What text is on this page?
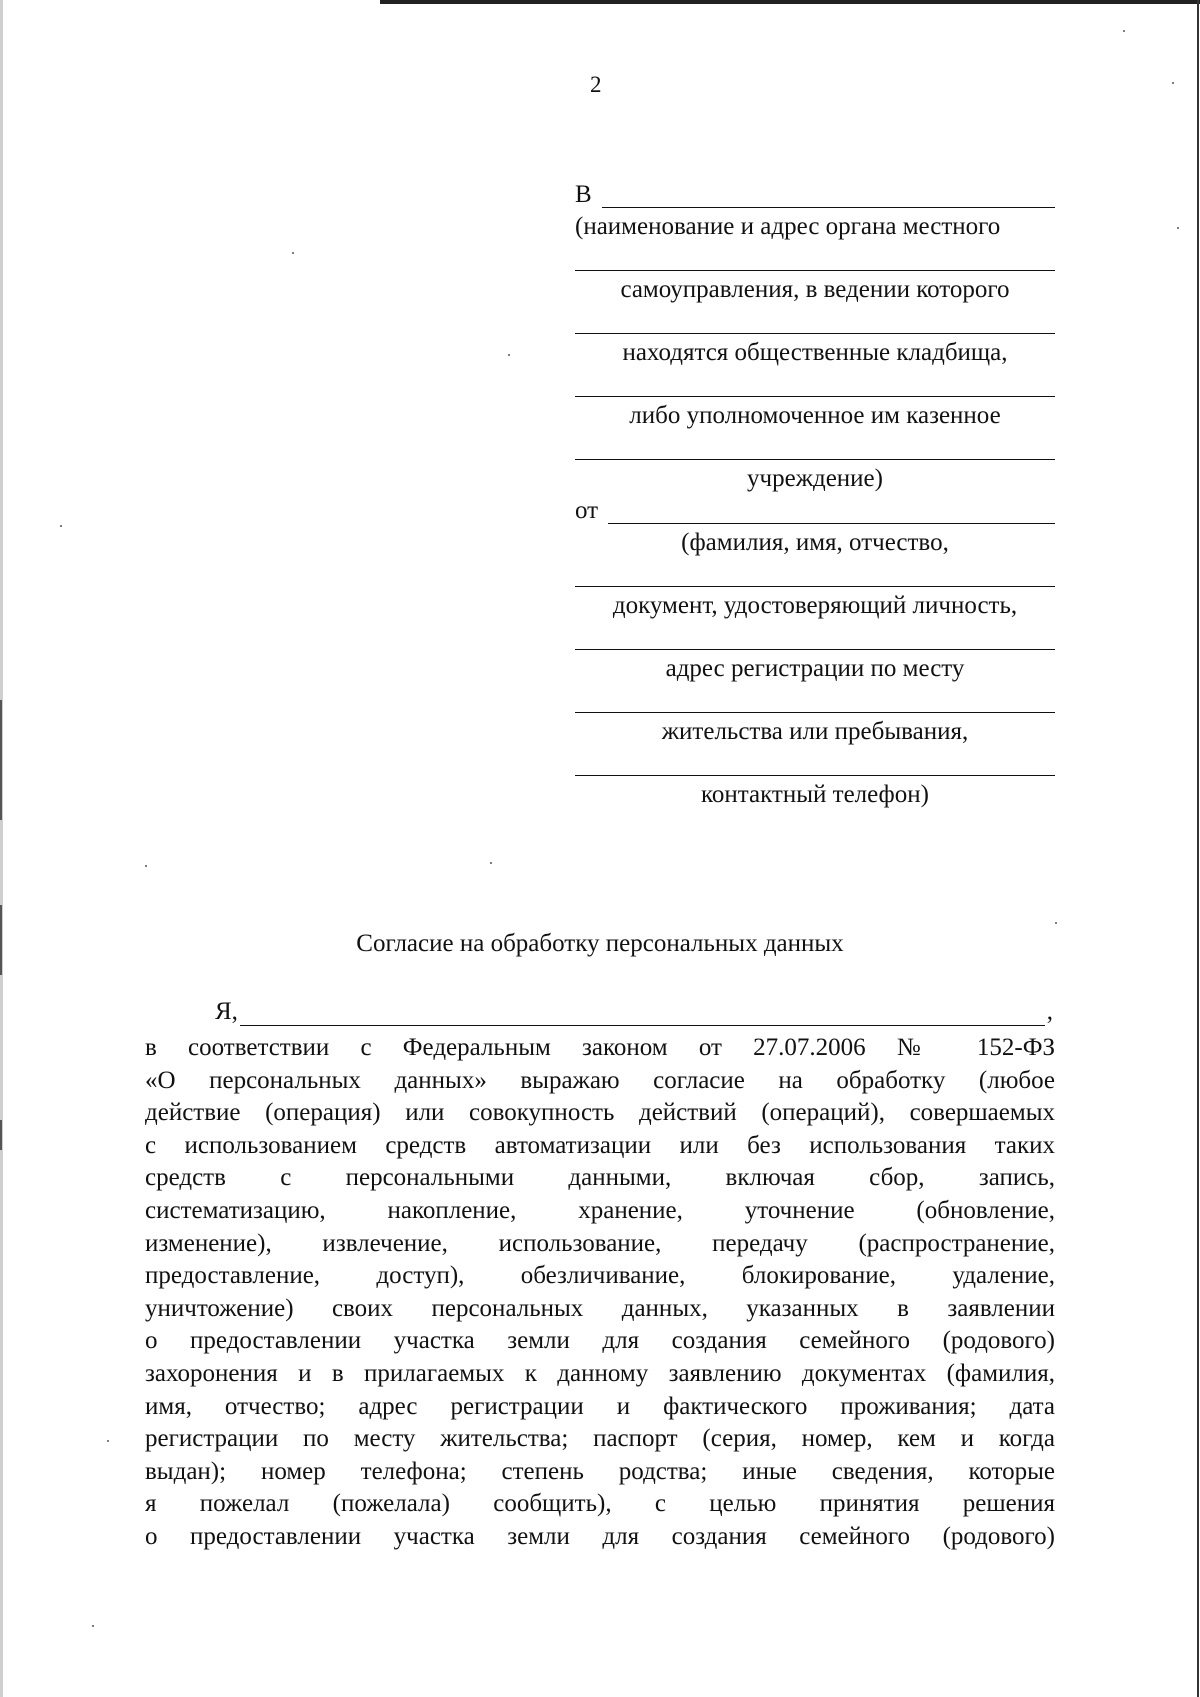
2
В
(наименование и адрес органа местного
самоуправления, в ведении которого
находятся общественные кладбища,
либо уполномоченное им казенное
учреждение)
от
(фамилия, имя, отчество,
документ, удостоверяющий личность,
адрес регистрации по месту
жительства или пребывания,
контактный телефон)
Согласие на обработку персональных данных
Я,	,
в соответствии с Федеральным законом от 27.07.2006 № 152-ФЗ
«О персональных данных» выражаю согласие на обработку (любое
действие (операция) или совокупность действий (операций), совершаемых
с использованием средств автоматизации или без использования таких
средств с персональными данными, включая сбор, запись,
систематизацию, накопление, хранение, уточнение (обновление,
изменение), извлечение, использование, передачу (распространение,
предоставление, доступ), обезличивание, блокирование, удаление,
уничтожение) своих персональных данных, указанных в заявлении
о предоставлении участка земли для создания семейного (родового)
захоронения и в прилагаемых к данному заявлению документах (фамилия,
имя, отчество; адрес регистрации и фактического проживания; дата
регистрации по месту жительства; паспорт (серия, номер, кем и когда
выдан); номер телефона; степень родства; иные сведения, которые
я пожелал (пожелала) сообщить), с целью принятия решения
о предоставлении участка земли для создания семейного (родового)
